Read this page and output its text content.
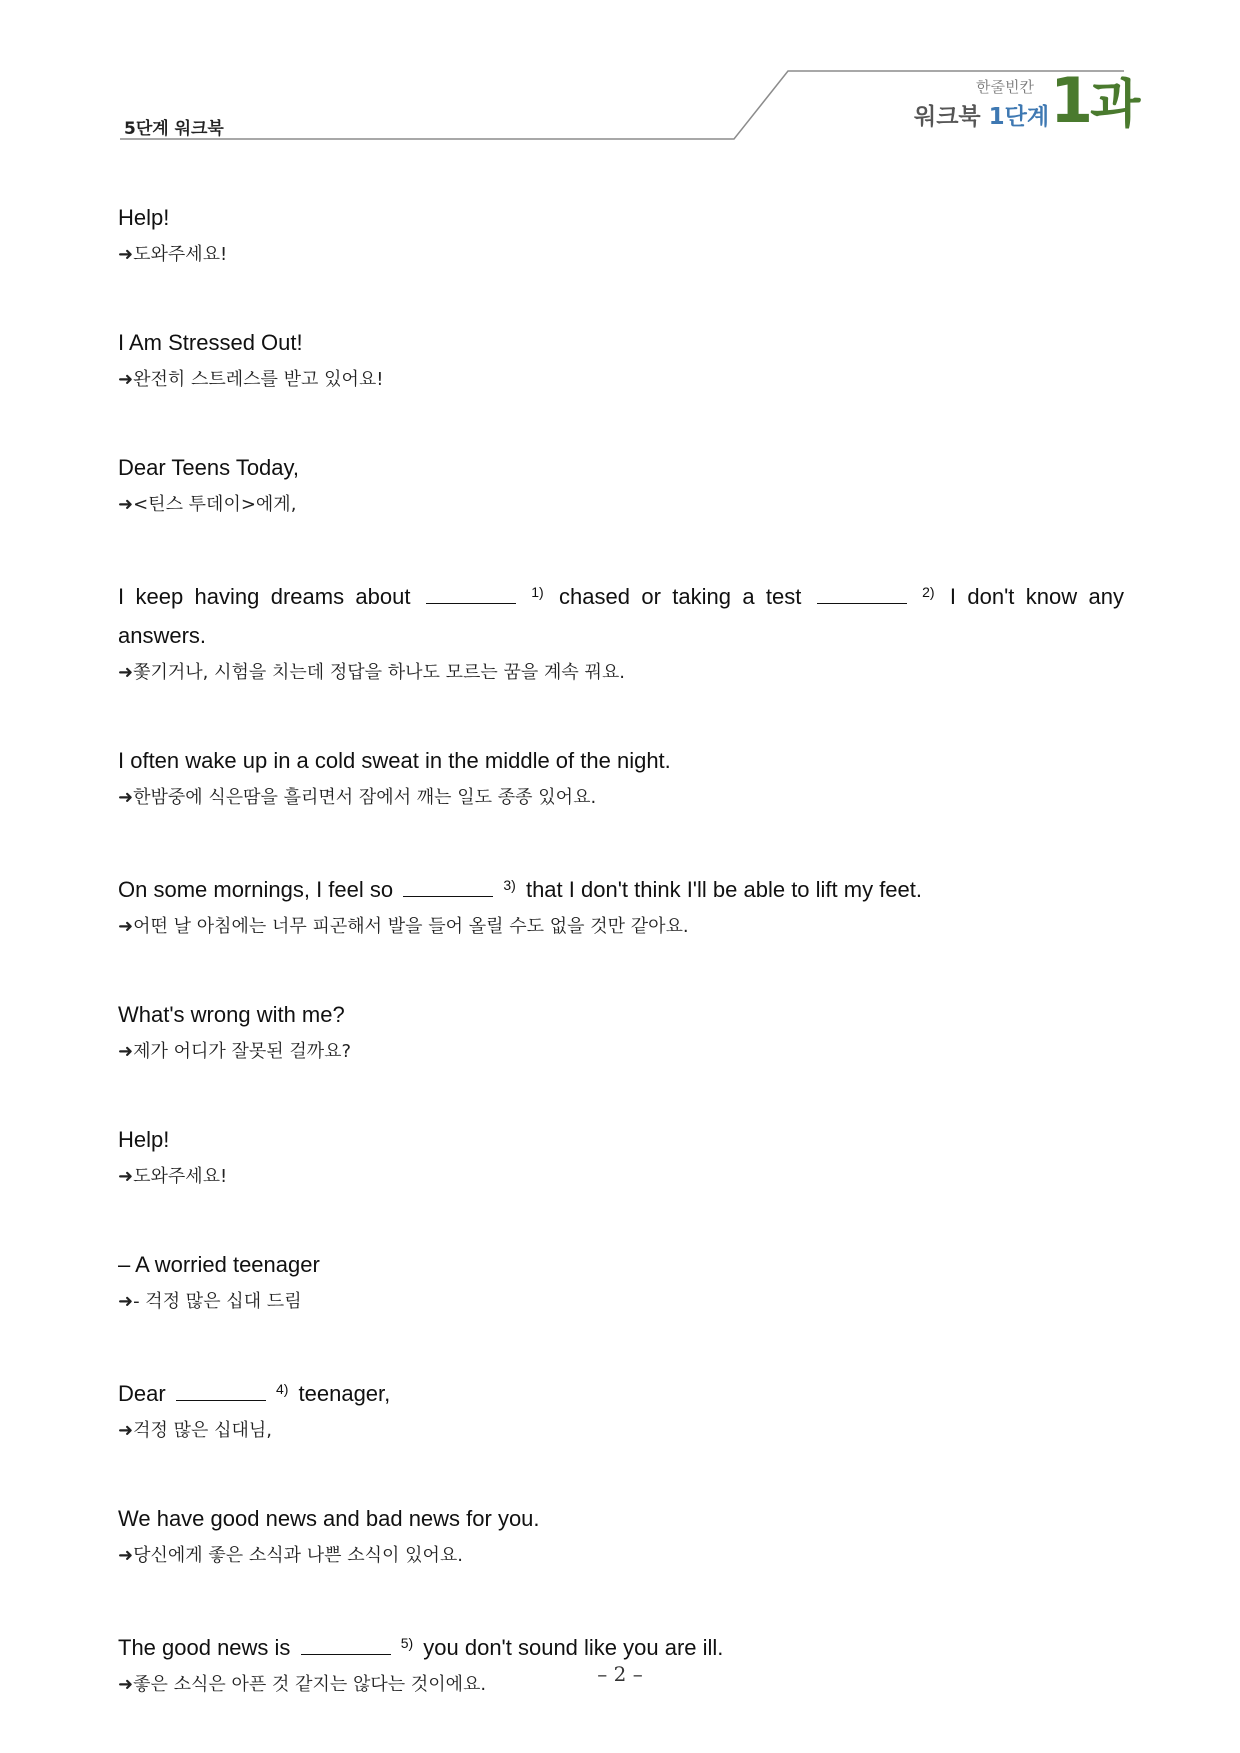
5단계 워크북
한줄빈칸
워크북 1단계 1과
Help!
➜도와주세요!
I Am Stressed Out!
➜완전히 스트레스를 받고 있어요!
Dear Teens Today,
➜<틴스 투데이>에게,
I keep having dreams about	$^{1)}$ chased or taking a test	$^{2)}$ I don't know any answers.
➜쫓기거나, 시험을 치는데 정답을 하나도 모르는 꿈을 계속 꿔요.
I often wake up in a cold sweat in the middle of the night.
➜한밤중에 식은땀을 흘리면서 잠에서 깨는 일도 종종 있어요.
On some mornings, I feel so	$^{3)}$ that I don't think I'll be able to lift my feet.
➜어떤 날 아침에는 너무 피곤해서 발을 들어 올릴 수도 없을 것만 같아요.
What's wrong with me?
➜제가 어디가 잘못된 걸까요?
Help!
➜도와주세요!
– A worried teenager
➜- 걱정 많은 십대 드림
Dear	$^{4)}$ teenager,
➜걱정 많은 십대님,
We have good news and bad news for you.
➜당신에게 좋은 소식과 나쁜 소식이 있어요.
The good news is	$^{5)}$ you don't sound like you are ill.
➜좋은 소식은 아픈 것 같지는 않다는 것이에요.	– 2 –
